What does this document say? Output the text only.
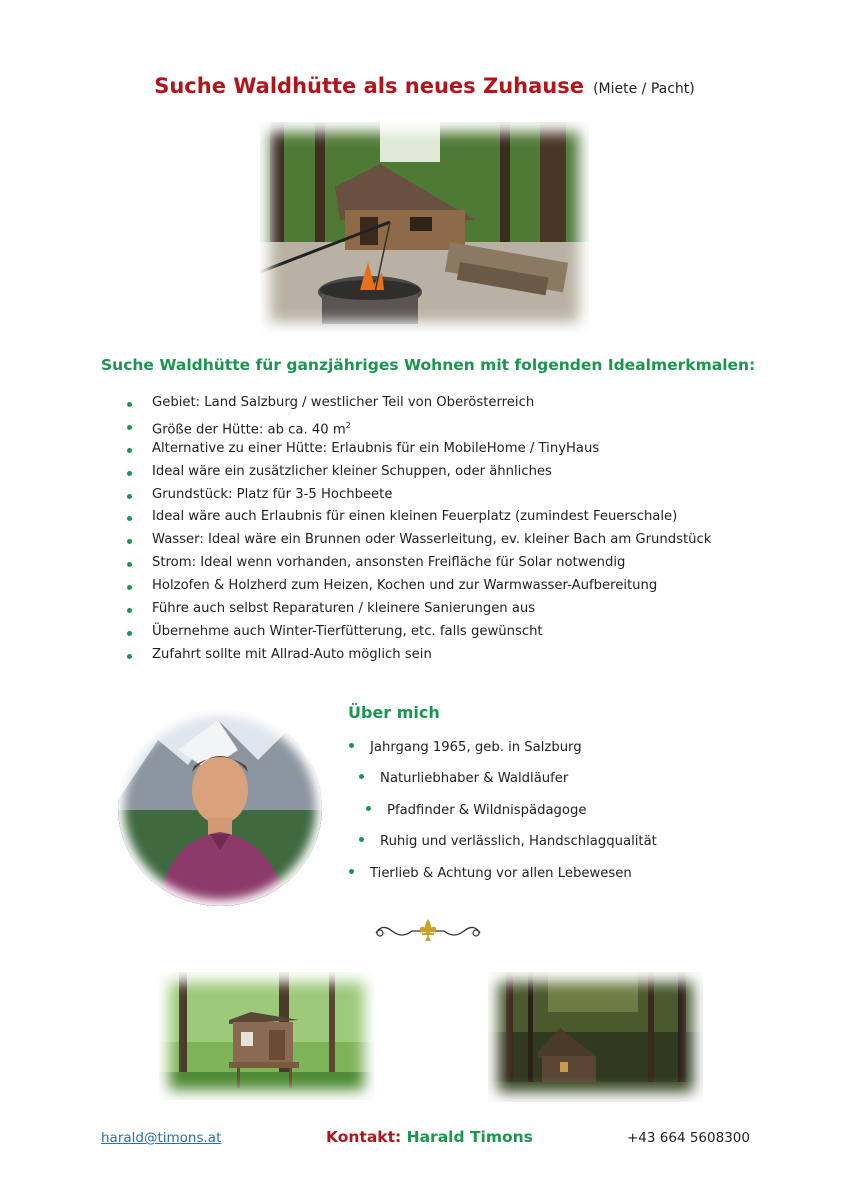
Suche Waldhütte als neues Zuhause (Miete / Pacht)
Suche Waldhütte für ganzjähriges Wohnen mit folgenden Idealmerkmalen:
Gebiet: Land Salzburg / westlicher Teil von Oberösterreich
Größe der Hütte: ab ca. 40 $m^2$
Alternative zu einer Hütte: Erlaubnis für ein MobileHome / TinyHaus
Ideal wäre ein zusätzlicher kleiner Schuppen, oder ähnliches
Grundstück: Platz für 3-5 Hochbeete
Ideal wäre auch Erlaubnis für einen kleinen Feuerplatz (zumindest Feuerschale)
Wasser: Ideal wäre ein Brunnen oder Wasserleitung, ev. kleiner Bach am Grundstück
Strom: Ideal wenn vorhanden, ansonsten Freifläche für Solar notwendig
Holzofen & Holzherd zum Heizen, Kochen und zur Warmwasser-Aufbereitung
Führe auch selbst Reparaturen / kleinere Sanierungen aus
Übernehme auch Winter-Tierfütterung, etc. falls gewünscht
Zufahrt sollte mit Allrad-Auto möglich sein
Über mich
Jahrgang 1965, geb. in Salzburg
Naturliebhaber & Waldläufer
Pfadfinder & Wildnispädagoge
Ruhig und verlässlich, Handschlagqualität
Tierlieb & Achtung vor allen Lebewesen
harald@timons.at	Kontakt: Harald Timons	+43 664 5608300
